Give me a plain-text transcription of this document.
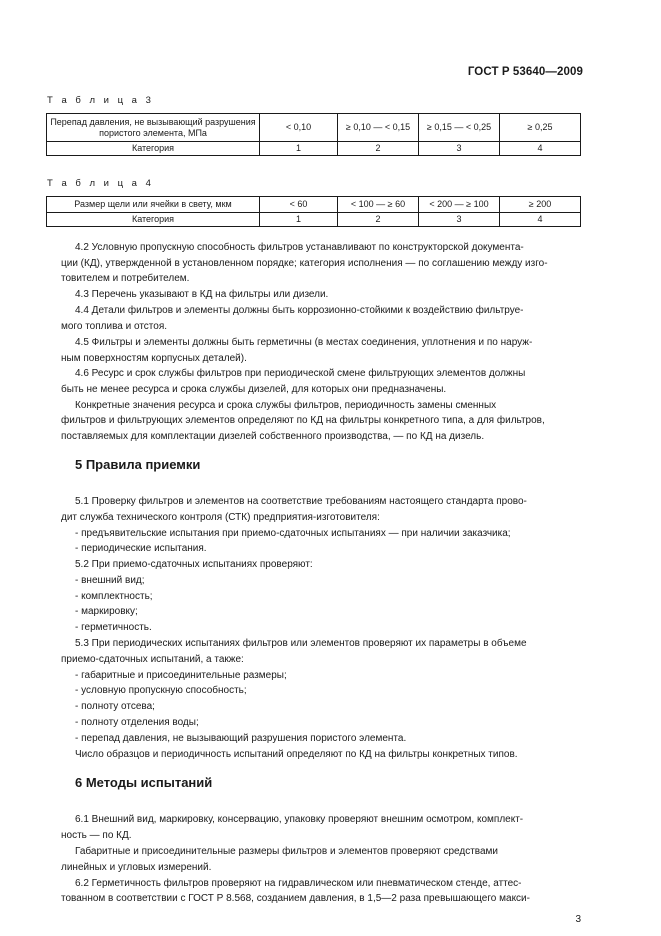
ГОСТ Р 53640—2009
Т а б л и ц а 3
Перепад давления, не вызывающий разрушения пористого элемента, МПа	< 0,10	≥ 0,10 — < 0,15	≥ 0,15 — < 0,25	≥ 0,25
Категория	1	2	3	4
Т а б л и ц а 4
Размер щели или ячейки в свету, мкм	< 60	< 100 — ≥ 60	< 200 — ≥ 100	≥ 200
Категория	1	2	3	4
4.2 Условную пропускную способность фильтров устанавливают по конструкторской документа-
ции (КД), утвержденной в установленном порядке; категория исполнения — по соглашению между изго-
товителем и потребителем.
4.3 Перечень указывают в КД на фильтры или дизели.
4.4 Детали фильтров и элементы должны быть коррозионно-стойкими к воздействию фильтруе-
мого топлива и отстоя.
4.5 Фильтры и элементы должны быть герметичны (в местах соединения, уплотнения и по наруж-
ным поверхностям корпусных деталей).
4.6 Ресурс и срок службы фильтров при периодической смене фильтрующих элементов должны
быть не менее ресурса и срока службы дизелей, для которых они предназначены.
Конкретные значения ресурса и срока службы фильтров, периодичность замены сменных
фильтров и фильтрующих элементов определяют по КД на фильтры конкретного типа, а для фильтров,
поставляемых для комплектации дизелей собственного производства, — по КД на дизель.
5 Правила приемки
5.1 Проверку фильтров и элементов на соответствие требованиям настоящего стандарта прово-
дит служба технического контроля (СТК) предприятия-изготовителя:
- предъявительские испытания при приемо-сдаточных испытаниях — при наличии заказчика;
- периодические испытания.
5.2 При приемо-сдаточных испытаниях проверяют:
- внешний вид;
- комплектность;
- маркировку;
- герметичность.
5.3 При периодических испытаниях фильтров или элементов проверяют их параметры в объеме
приемо-сдаточных испытаний, а также:
- габаритные и присоединительные размеры;
- условную пропускную способность;
- полноту отсева;
- полноту отделения воды;
- перепад давления, не вызывающий разрушения пористого элемента.
Число образцов и периодичность испытаний определяют по КД на фильтры конкретных типов.
6 Методы испытаний
6.1 Внешний вид, маркировку, консервацию, упаковку проверяют внешним осмотром, комплект-
ность — по КД.
Габаритные и присоединительные размеры фильтров и элементов проверяют средствами
линейных и угловых измерений.
6.2 Герметичность фильтров проверяют на гидравлическом или пневматическом стенде, аттес-
тованном в соответствии с ГОСТ Р 8.568, созданием давления, в 1,5—2 раза превышающего макси-
3
